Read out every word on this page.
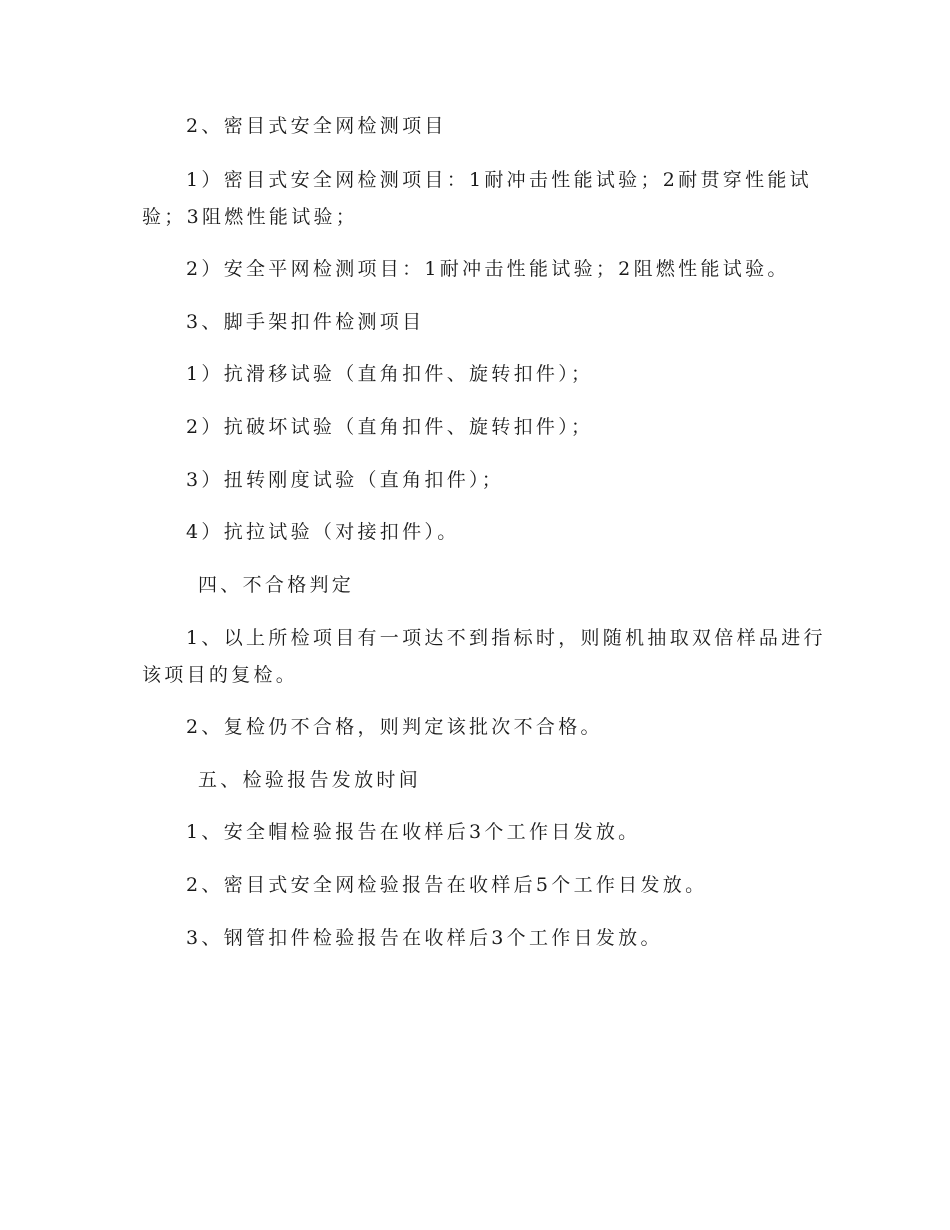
2、密目式安全网检测项目
1）密目式安全网检测项目：1耐冲击性能试验；2耐贯穿性能试
验；3阻燃性能试验；
2）安全平网检测项目：1耐冲击性能试验；2阻燃性能试验。
3、脚手架扣件检测项目
1）抗滑移试验（直角扣件、旋转扣件）；
2）抗破坏试验（直角扣件、旋转扣件）；
3）扭转刚度试验（直角扣件）；
4）抗拉试验（对接扣件）。
四、不合格判定
1、以上所检项目有一项达不到指标时，则随机抽取双倍样品进行
该项目的复检。
2、复检仍不合格，则判定该批次不合格。
五、检验报告发放时间
1、安全帽检验报告在收样后3个工作日发放。
2、密目式安全网检验报告在收样后5个工作日发放。
3、钢管扣件检验报告在收样后3个工作日发放。
